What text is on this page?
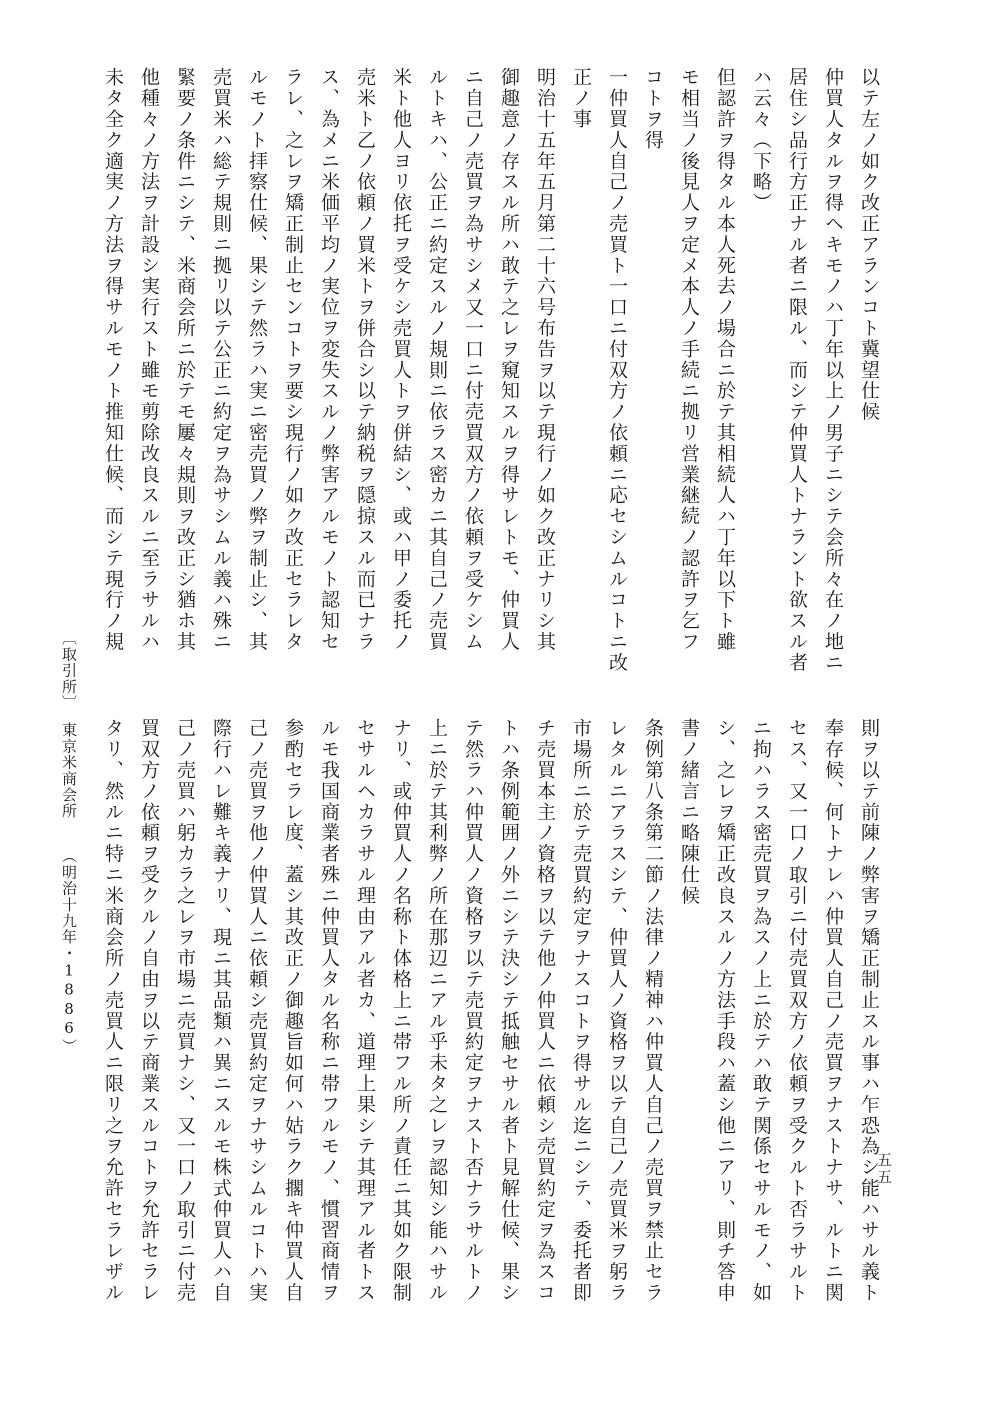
以テ左ノ如ク改正アランコト冀望仕候
仲買人タルヲ得ヘキモノハ丁年以上ノ男子ニシテ会所々在ノ地ニ
居住シ品行方正ナル者ニ限ル、而シテ仲買人トナラント欲スル者
ハ云々（下略）
但認許ヲ得タル本人死去ノ場合ニ於テ其相続人ハ丁年以下ト雖
モ相当ノ後見人ヲ定メ本人ノ手続ニ拠リ営業継続ノ認許ヲ乞フ
コトヲ得
一仲買人自己ノ売買ト一口ニ付双方ノ依頼ニ応セシムルコトニ改
正ノ事
明治十五年五月第二十六号布告ヲ以テ現行ノ如ク改正ナリシ其
御趣意ノ存スル所ハ敢テ之レヲ窺知スルヲ得サレトモ、仲買人
ニ自己ノ売買ヲ為サシメ又一口ニ付売買双方ノ依頼ヲ受ケシム
ルトキハ、公正ニ約定スルノ規則ニ依ラス密カニ其自己ノ売買
米ト他人ヨリ依托ヲ受ケシ売買人トヲ併結シ、或ハ甲ノ委托ノ
売米ト乙ノ依頼ノ買米トヲ併合シ以テ納税ヲ隠掠スル而已ナラ
ス、為メニ米価平均ノ実位ヲ変失スルノ弊害アルモノト認知セ
ラレ、之レヲ矯正制止センコトヲ要シ現行ノ如ク改正セラレタ
ルモノト拝察仕候、果シテ然ラハ実ニ密売買ノ弊ヲ制止シ、其
売買米ハ総テ規則ニ拠リ以テ公正ニ約定ヲ為サシムル義ハ殊ニ
緊要ノ条件ニシテ、米商会所ニ於テモ屢々規則ヲ改正シ猶ホ其
他種々ノ方法ヲ計設シ実行スト雖モ剪除改良スルニ至ラサルハ
未タ全ク適実ノ方法ヲ得サルモノト推知仕候、而シテ現行ノ規
〔取引所〕
東京米商会所
（明治十九年・1886）	則ヲ以テ前陳ノ弊害ヲ矯正制止スル事ハ乍恐為シ能ハサル義ト
奉存候、何トナレハ仲買人自己ノ売買ヲナストナサ、ルトニ関
セス、又一口ノ取引ニ付売買双方ノ依頼ヲ受クルト否ラサルト
ニ拘ハラス密売買ヲ為スノ上ニ於テハ敢テ関係セサルモノ、如
シ、之レヲ矯正改良スルノ方法手段ハ蓋シ他ニアリ、則チ答申
書ノ緒言ニ略陳仕候
条例第八条第二節ノ法律ノ精神ハ仲買人自己ノ売買ヲ禁止セラ
レタルニアラスシテ、仲買人ノ資格ヲ以テ自己ノ売買米ヲ躬ラ
市場所ニ於テ売買約定ヲナスコトヲ得サル迄ニシテ、委托者即
チ売買本主ノ資格ヲ以テ他ノ仲買人ニ依頼シ売買約定ヲ為スコ
トハ条例範囲ノ外ニシテ決シテ抵触セサル者ト見解仕候、果シ
テ然ラハ仲買人ノ資格ヲ以テ売買約定ヲナスト否ナラサルトノ
上ニ於テ其利弊ノ所在那辺ニアル乎未タ之レヲ認知シ能ハサル
ナリ、或仲買人ノ名称ト体格上ニ帯フル所ノ責任ニ其如ク限制
セサルヘカラサル理由アル者カ、道理上果シテ其理アル者トス
ルモ我国商業者殊ニ仲買人タル名称ニ帯フルモノ、慣習商情ヲ
参酌セラレ度、蓋シ其改正ノ御趣旨如何ハ姑ラク擱キ仲買人自
己ノ売買ヲ他ノ仲買人ニ依頼シ売買約定ヲナサシムルコトハ実
際行ハレ難キ義ナリ、現ニ其品類ハ異ニスルモ株式仲買人ハ自
己ノ売買ハ躬カラ之レヲ市場ニ売買ナシ、又一口ノ取引ニ付売
買双方ノ依頼ヲ受クルノ自由ヲ以テ商業スルコトヲ允許セラレ
タリ、然ルニ特ニ米商会所ノ売買人ニ限リ之ヲ允許セラレザル	五五
